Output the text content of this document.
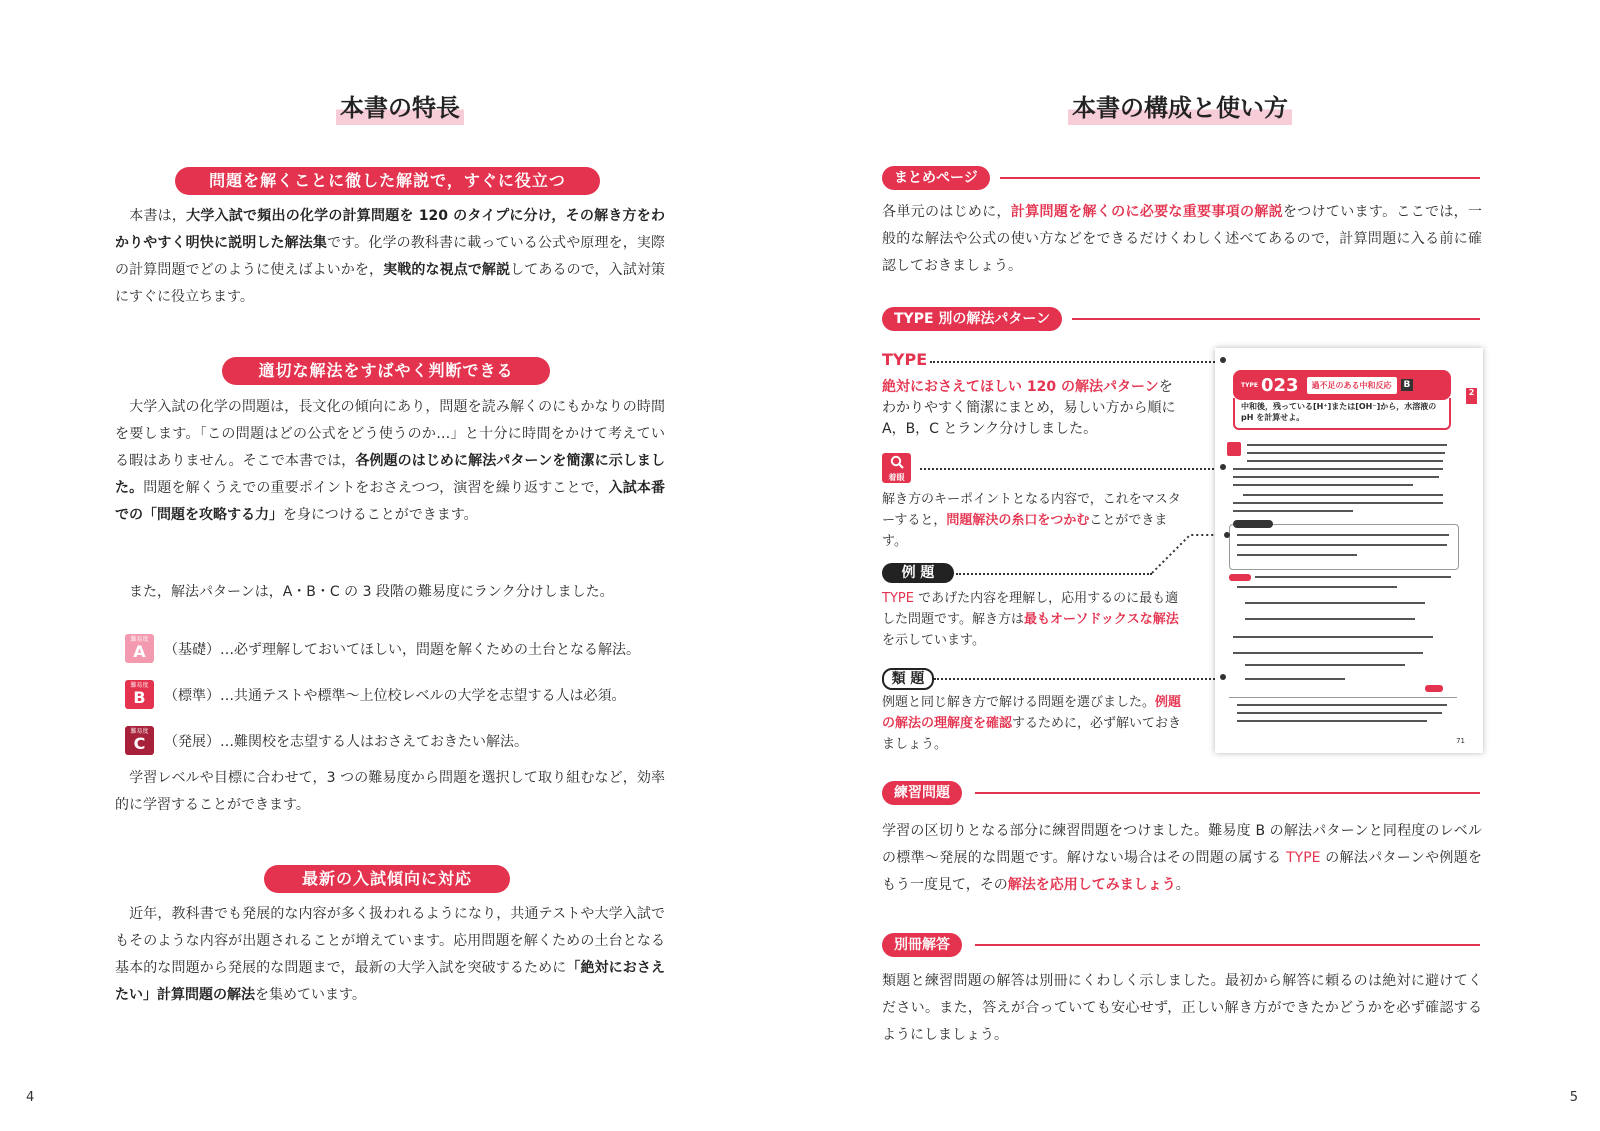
本書の特長
問題を解くことに徹した解説で，すぐに役立つ
　本書は，大学入試で頻出の化学の計算問題を 120 のタイプに分け，その解き方をわかりやすく明快に説明した解法集です。化学の教科書に載っている公式や原理を，実際の計算問題でどのように使えばよいかを，実戦的な視点で解説してあるので，入試対策にすぐに役立ちます。
適切な解法をすばやく判断できる
　大学入試の化学の問題は，長文化の傾向にあり，問題を読み解くのにもかなりの時間を要します。「この問題はどの公式をどう使うのか…」と十分に時間をかけて考えている暇はありません。そこで本書では，各例題のはじめに解法パターンを簡潔に示しました。問題を解くうえでの重要ポイントをおさえつつ，演習を繰り返すことで，入試本番での「問題を攻略する力」を身につけることができます。
　また，解法パターンは，A・B・C の 3 段階の難易度にランク分けしました。
難易度
A （基礎）…必ず理解しておいてほしい，問題を解くための土台となる解法。
難易度
B （標準）…共通テストや標準～上位校レベルの大学を志望する人は必須。
難易度
C （発展）…難関校を志望する人はおさえておきたい解法。
　学習レベルや目標に合わせて，3 つの難易度から問題を選択して取り組むなど，効率的に学習することができます。
最新の入試傾向に対応
　近年，教科書でも発展的な内容が多く扱われるようになり，共通テストや大学入試でもそのような内容が出題されることが増えています。応用問題を解くための土台となる基本的な問題から発展的な問題まで，最新の大学入試を突破するために「絶対におさえたい」計算問題の解法を集めています。
4
本書の構成と使い方
5
まとめページ
各単元のはじめに，計算問題を解くのに必要な重要事項の解説をつけています。ここでは，一般的な解法や公式の使い方などをできるだけくわしく述べてあるので，計算問題に入る前に確認しておきましょう。
TYPE 別の解法パターン
TYPE
絶対におさえてほしい 120 の解法パターンをわかりやすく簡潔にまとめ，易しい方から順に A，B，C とランク分けしました。
着眼
解き方のキーポイントとなる内容で，これをマスターすると，問題解決の糸口をつかむことができます。
例 題
TYPE であげた内容を理解し，応用するのに最も適した問題です。解き方は最もオーソドックスな解法を示しています。
類 題
例題と同じ解き方で解ける問題を選びました。例題の解法の理解度を確認するために，必ず解いておきましょう。
TYPE 023	過不足のある中和反応	B
中和後，残っている[H⁺]または[OH⁻]から，水溶液の pH を計算せよ。
2
71
練習問題
学習の区切りとなる部分に練習問題をつけました。難易度 B の解法パターンと同程度のレベルの標準～発展的な問題です。解けない場合はその問題の属する TYPE の解法パターンや例題をもう一度見て，その解法を応用してみましょう。
別冊解答
類題と練習問題の解答は別冊にくわしく示しました。最初から解答に頼るのは絶対に避けてください。また，答えが合っていても安心せず，正しい解き方ができたかどうかを必ず確認するようにしましょう。
